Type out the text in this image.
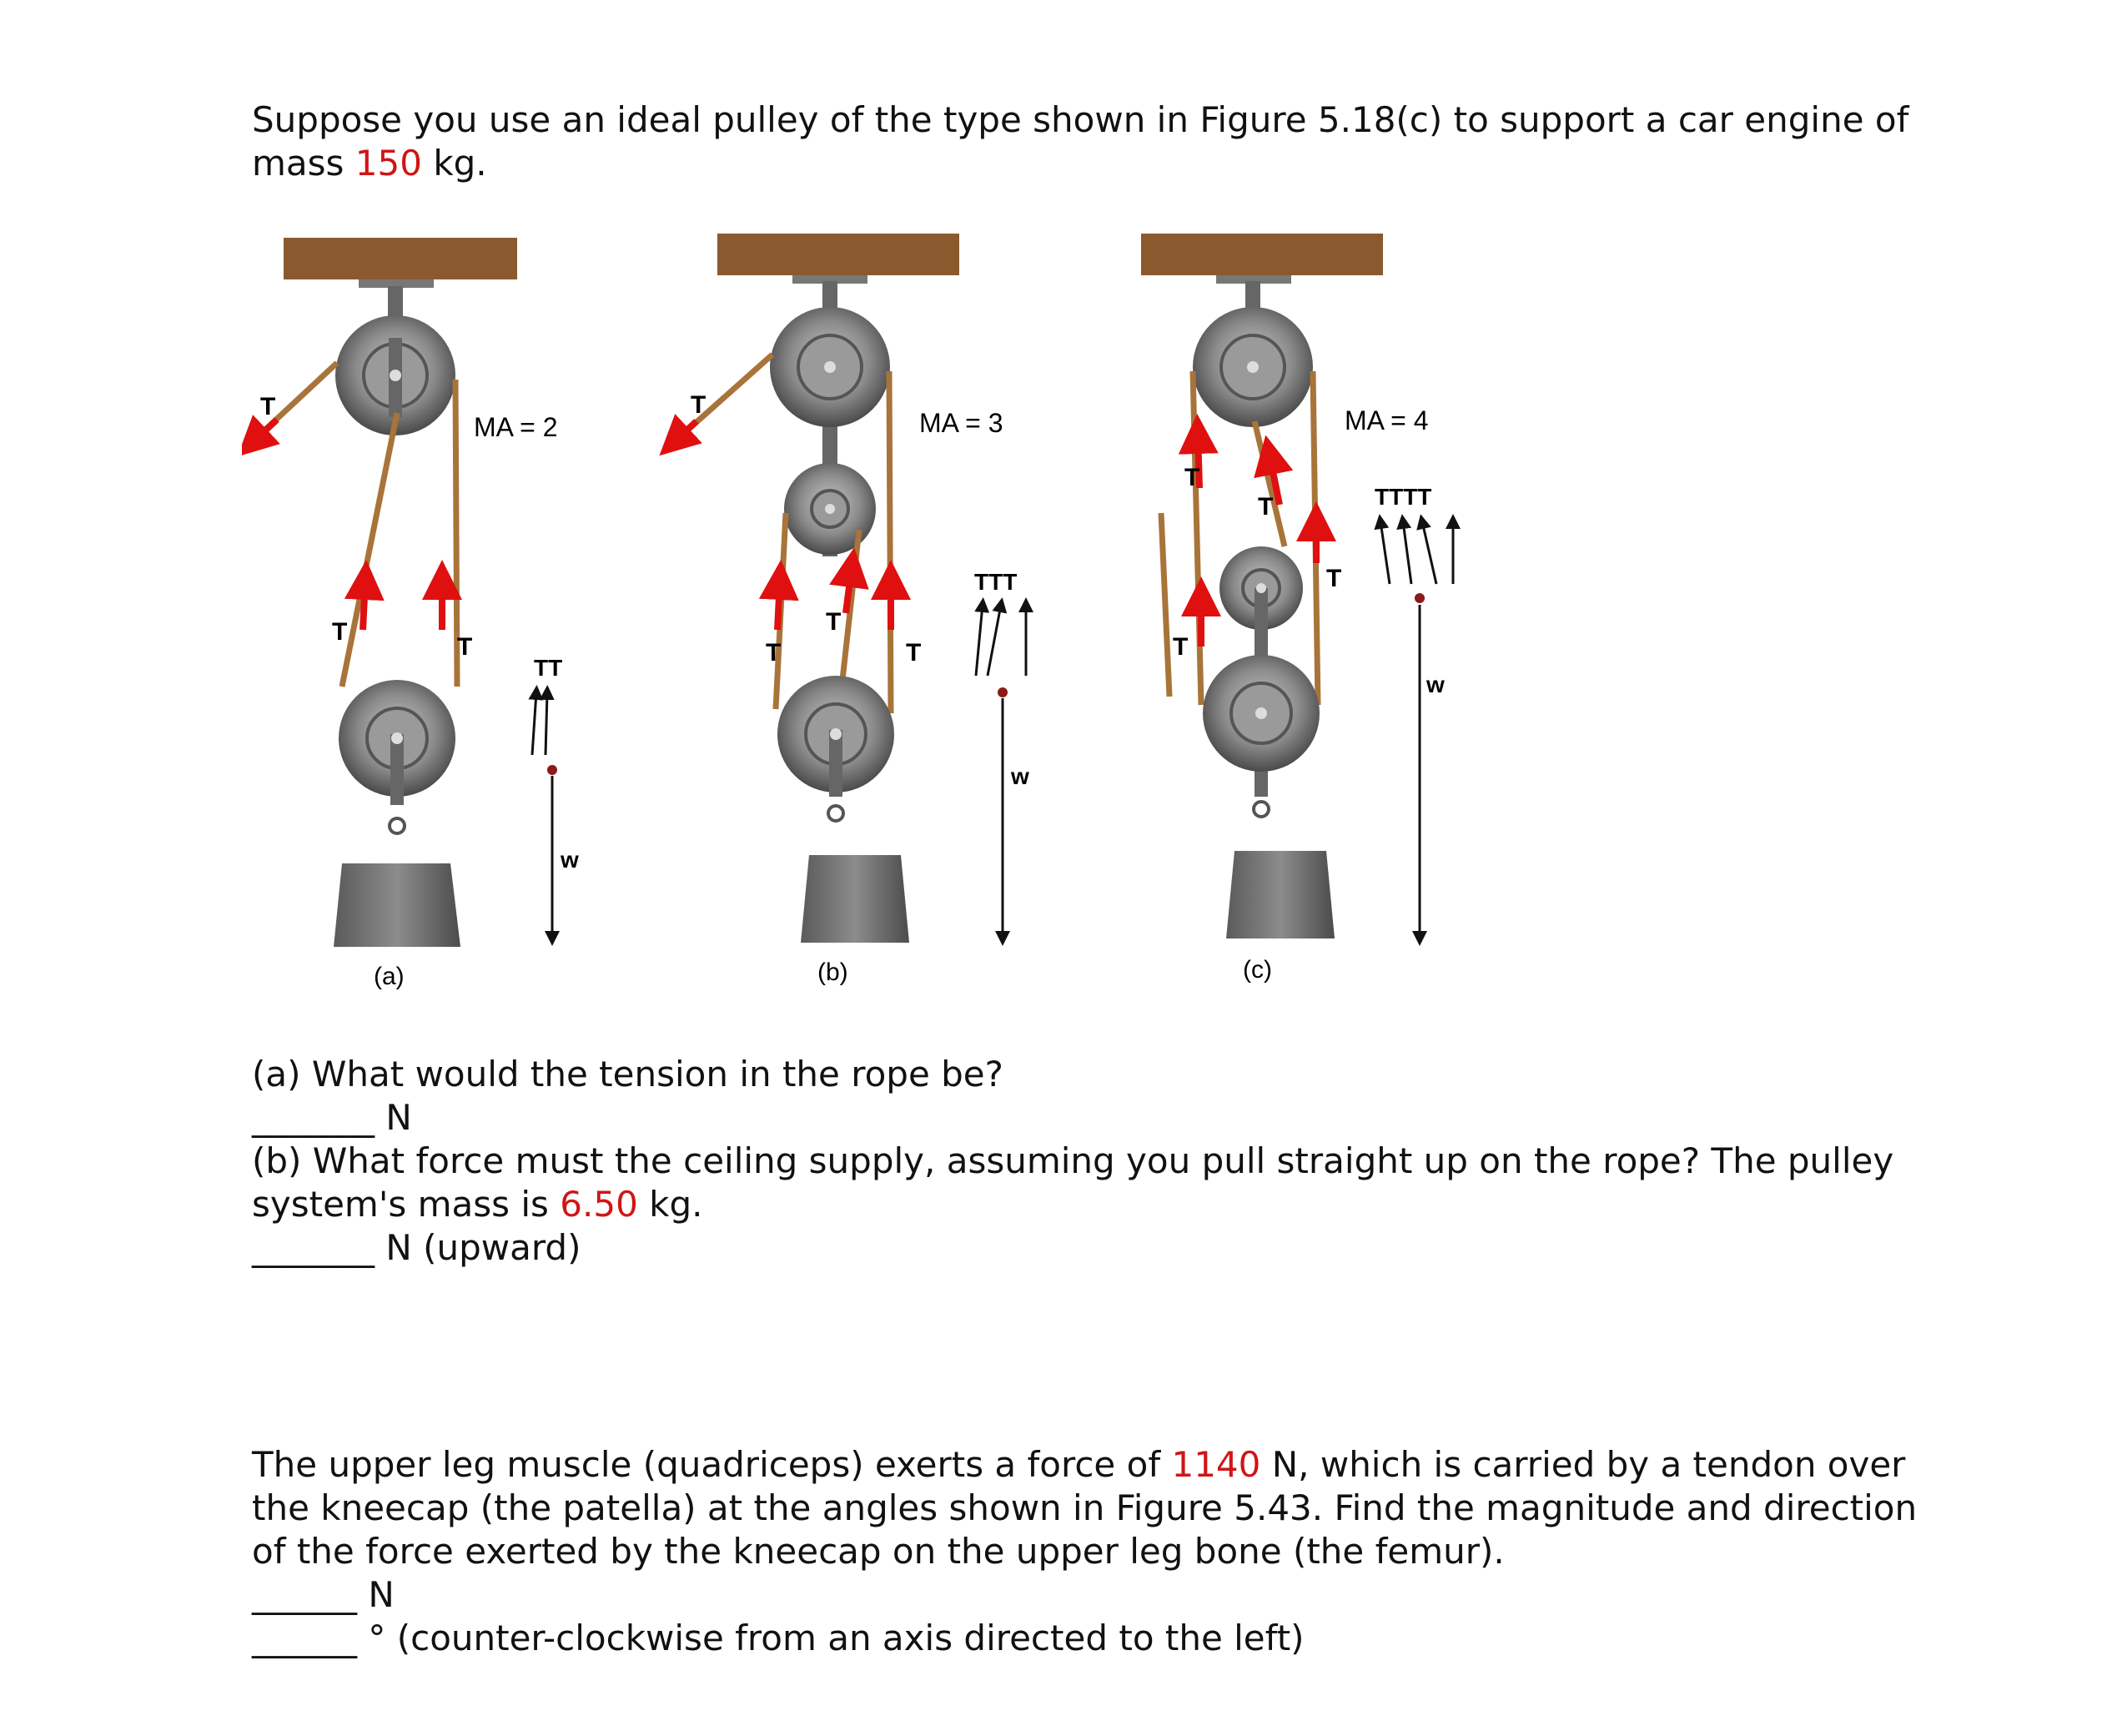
Suppose you use an ideal pulley of the type shown in Figure 5.18(c) to support a car engine of
mass 150 kg.
T
T
T
MA = 2
TT
w
(a)
T
T
T
T
MA = 3
TTT
w
(b)
T
T
T
T
MA = 4
TTTT
w
(c)
(a) What would the tension in the rope be?
_______ N
(b) What force must the ceiling supply, assuming you pull straight up on the rope? The pulley
system's mass is 6.50 kg.
_______ N (upward)
The upper leg muscle (quadriceps) exerts a force of 1140 N, which is carried by a tendon over
the kneecap (the patella) at the angles shown in Figure 5.43. Find the magnitude and direction
of the force exerted by the kneecap on the upper leg bone (the femur).
______ N
______ ° (counter-clockwise from an axis directed to the left)
